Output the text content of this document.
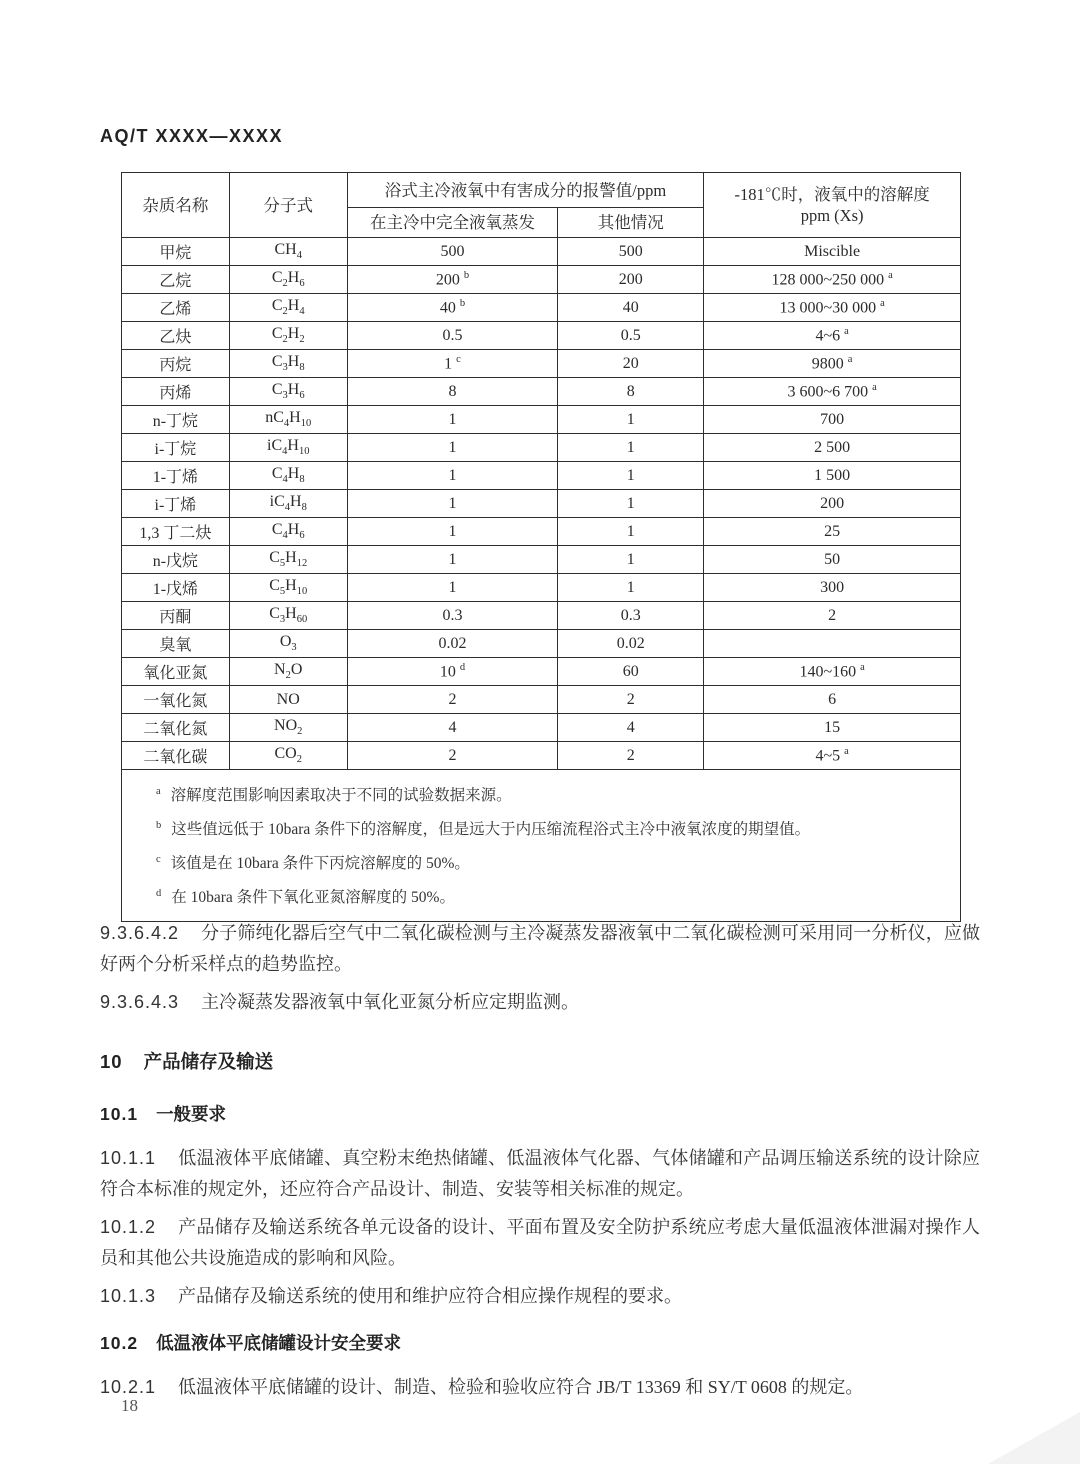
AQ/T XXXX—XXXX
杂质名称	分子式	浴式主冷液氧中有害成分的报警值/ppm		-181℃时，液氧中的溶解度
ppm (Xs)

		在主冷中完全液氧蒸发	其他情况	
甲烷	$CH_4$	500	500	Miscible
乙烷	$C_2H_6$	200 $^b$	200	128 000~250 000 $^a$
乙烯	$C_2H_4$	40 $^b$	40	13 000~30 000 $^a$
乙炔	$C_2H_2$	0.5	0.5	4~6 $^a$
丙烷	$C_3H_8$	1 $^c$	20	9800 $^a$
丙烯	$C_3H_6$	8	8	3 600~6 700 $^a$
n-丁烷	$nC_4H_{10}$	1	1	700
i-丁烷	$iC_4H_{10}$	1	1	2 500
1-丁烯	$C_4H_8$	1	1	1 500
i-丁烯	$iC_4H_8$	1	1	200
1,3 丁二炔	$C_4H_6$	1	1	25
n-戊烷	$C_5H_{12}$	1	1	50
1-戊烯	$C_5H_{10}$	1	1	300
丙酮	$C_3H_{60}$	0.3	0.3	2
臭氧	$O_3$	0.02	0.02	
氧化亚氮	$N_2O$	10 $^d$	60	140~160 $^a$
一氧化氮	NO	2	2	6
二氧化氮	$NO_2$	4	4	15
二氧化碳	$CO_2$	2	2	4~5 $^a$

$^a$ 溶解度范围影响因素取决于不同的试验数据来源。

$^b$ 这些值远低于 10bara 条件下的溶解度，但是远大于内压缩流程浴式主冷中液氧浓度的期望值。

$^c$ 该值是在 10bara 条件下丙烷溶解度的 50%。

$^d$ 在 10bara 条件下氧化亚氮溶解度的 50%。				

9.3.6.4.2 分子筛纯化器后空气中二氧化碳检测与主冷凝蒸发器液氧中二氧化碳检测可采用同一分析仪，应做好两个分析采样点的趋势监控。

9.3.6.4.3 主冷凝蒸发器液氧中氧化亚氮分析应定期监测。

10 产品储存及输送
10.1 一般要求

10.1.1 低温液体平底储罐、真空粉末绝热储罐、低温液体气化器、气体储罐和产品调压输送系统的设计除应符合本标准的规定外，还应符合产品设计、制造、安装等相关标准的规定。

10.1.2 产品储存及输送系统各单元设备的设计、平面布置及安全防护系统应考虑大量低温液体泄漏对操作人员和其他公共设施造成的影响和风险。

10.1.3 产品储存及输送系统的使用和维护应符合相应操作规程的要求。

10.2 低温液体平底储罐设计安全要求

10.2.1 低温液体平底储罐的设计、制造、检验和验收应符合 JB/T 13369 和 SY/T 0608 的规定。

18
